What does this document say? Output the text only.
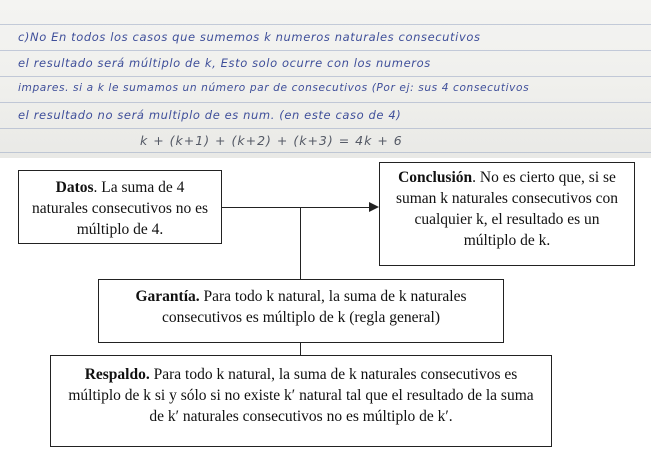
c)No En todos los casos que sumemos k numeros naturales consecutivos
el resultado será múltiplo de k, Esto solo ocurre con los numeros
impares. si a k le sumamos un número par de consecutivos (Por ej: sus 4 consecutivos
el resultado no será multiplo de es num. (en este caso de 4)
k + (k+1) + (k+2) + (k+3) = 4k + 6
Datos. La suma de 4 naturales consecutivos no es múltiplo de 4.
Conclusión. No es cierto que, si se suman k naturales consecutivos con cualquier k, el resultado es un múltiplo de k.
Garantía. Para todo k natural, la suma de k naturales consecutivos es múltiplo de k (regla general)
Respaldo. Para todo k natural, la suma de k naturales consecutivos es múltiplo de k si y sólo si no existe k′ natural tal que el resultado de la suma de k′ naturales consecutivos no es múltiplo de k′.
